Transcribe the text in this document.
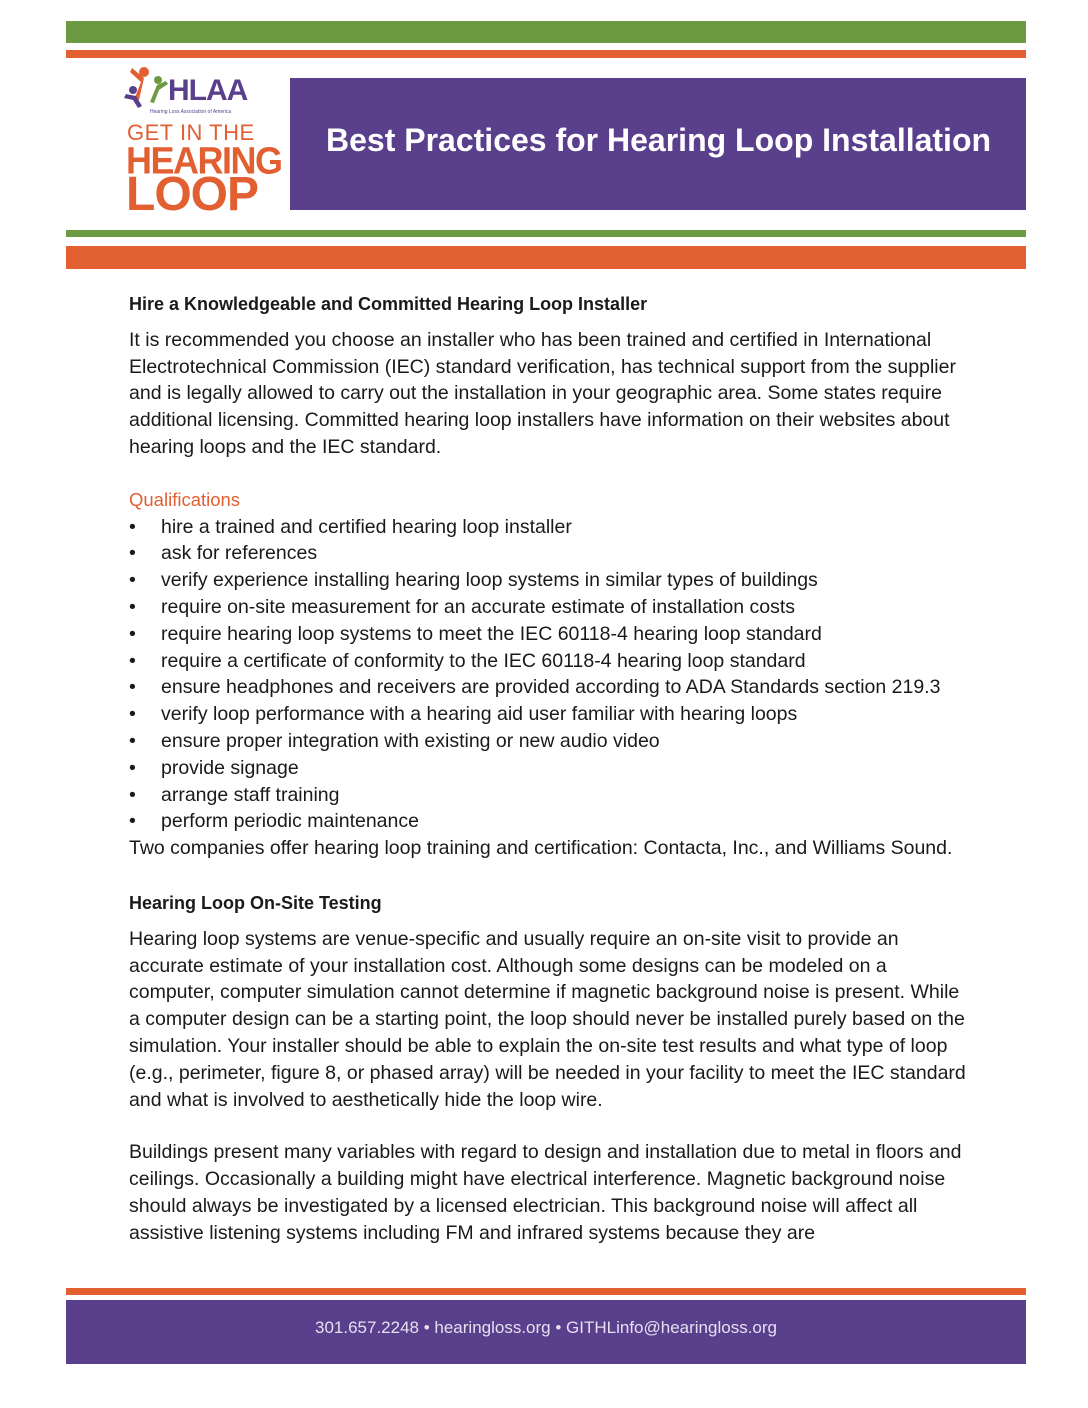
HLAA
Hearing Loss Association of America
GET IN THE
HEARING
LOOP
Best Practices for Hearing Loop Installation

Hire a Knowledgeable and Committed Hearing Loop Installer

It is recommended you choose an installer who has been trained and certified in International Electrotechnical Commission (IEC) standard verification, has technical support from the supplier and is legally allowed to carry out the installation in your geographic area. Some states require additional licensing. Committed hearing loop installers have information on their websites about hearing loops and the IEC standard.

Qualifications

• hire a trained and certified hearing loop installer
• ask for references
• verify experience installing hearing loop systems in similar types of buildings
• require on-site measurement for an accurate estimate of installation costs
• require hearing loop systems to meet the IEC 60118-4 hearing loop standard
• require a certificate of conformity to the IEC 60118-4 hearing loop standard
• ensure headphones and receivers are provided according to ADA Standards section 219.3
• verify loop performance with a hearing aid user familiar with hearing loops
• ensure proper integration with existing or new audio video
• provide signage
• arrange staff training
• perform periodic maintenance

Two companies offer hearing loop training and certification: Contacta, Inc., and Williams Sound.

Hearing Loop On-Site Testing

Hearing loop systems are venue-specific and usually require an on-site visit to provide an accurate estimate of your installation cost. Although some designs can be modeled on a computer, computer simulation cannot determine if magnetic background noise is present. While a computer design can be a starting point, the loop should never be installed purely based on the simulation. Your installer should be able to explain the on-site test results and what type of loop (e.g., perimeter, figure 8, or phased array) will be needed in your facility to meet the IEC standard and what is involved to aesthetically hide the loop wire.

Buildings present many variables with regard to design and installation due to metal in floors and ceilings. Occasionally a building might have electrical interference. Magnetic background noise should always be investigated by a licensed electrician. This background noise will affect all assistive listening systems including FM and infrared systems because they are

301.657.2248 • hearingloss.org • GITHLinfo@hearingloss.org
